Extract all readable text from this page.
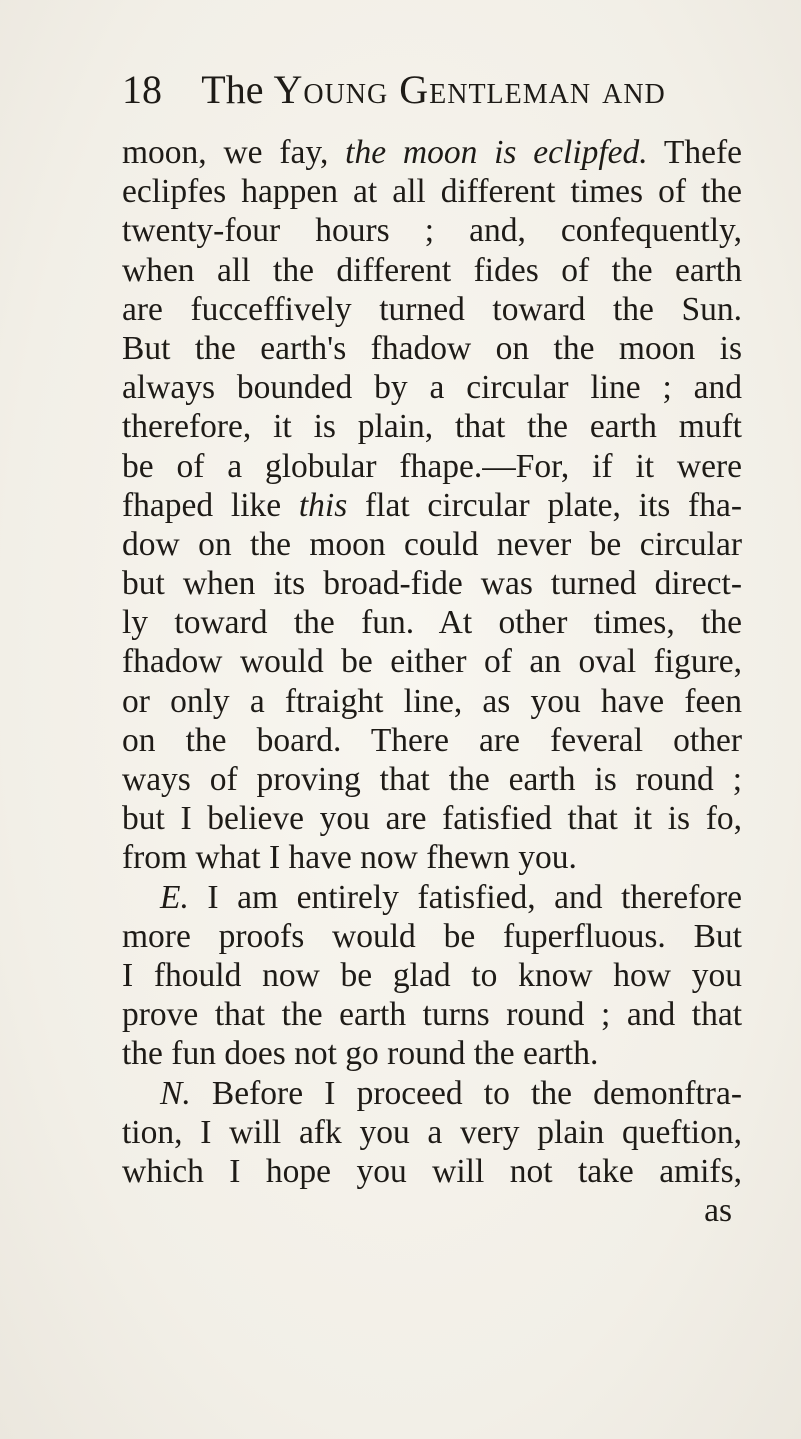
18 The Young Gentleman and
moon, we fay, the moon is eclipfed. Thefe
eclipfes happen at all different times of the
twenty-four hours ; and, confequently,
when all the different fides of the earth
are fucceffively turned toward the Sun.
But the earth's fhadow on the moon is
always bounded by a circular line ; and
therefore, it is plain, that the earth muft
be of a globular fhape.—For, if it were
fhaped like this flat circular plate, its fha-
dow on the moon could never be circular
but when its broad-fide was turned direct-
ly toward the fun. At other times, the
fhadow would be either of an oval figure,
or only a ftraight line, as you have feen
on the board. There are feveral other
ways of proving that the earth is round ;
but I believe you are fatisfied that it is fo,
from what I have now fhewn you.
E. I am entirely fatisfied, and therefore
more proofs would be fuperfluous. But
I fhould now be glad to know how you
prove that the earth turns round ; and that
the fun does not go round the earth.
N. Before I proceed to the demonftra-
tion, I will afk you a very plain queftion,
which I hope you will not take amifs,
as
